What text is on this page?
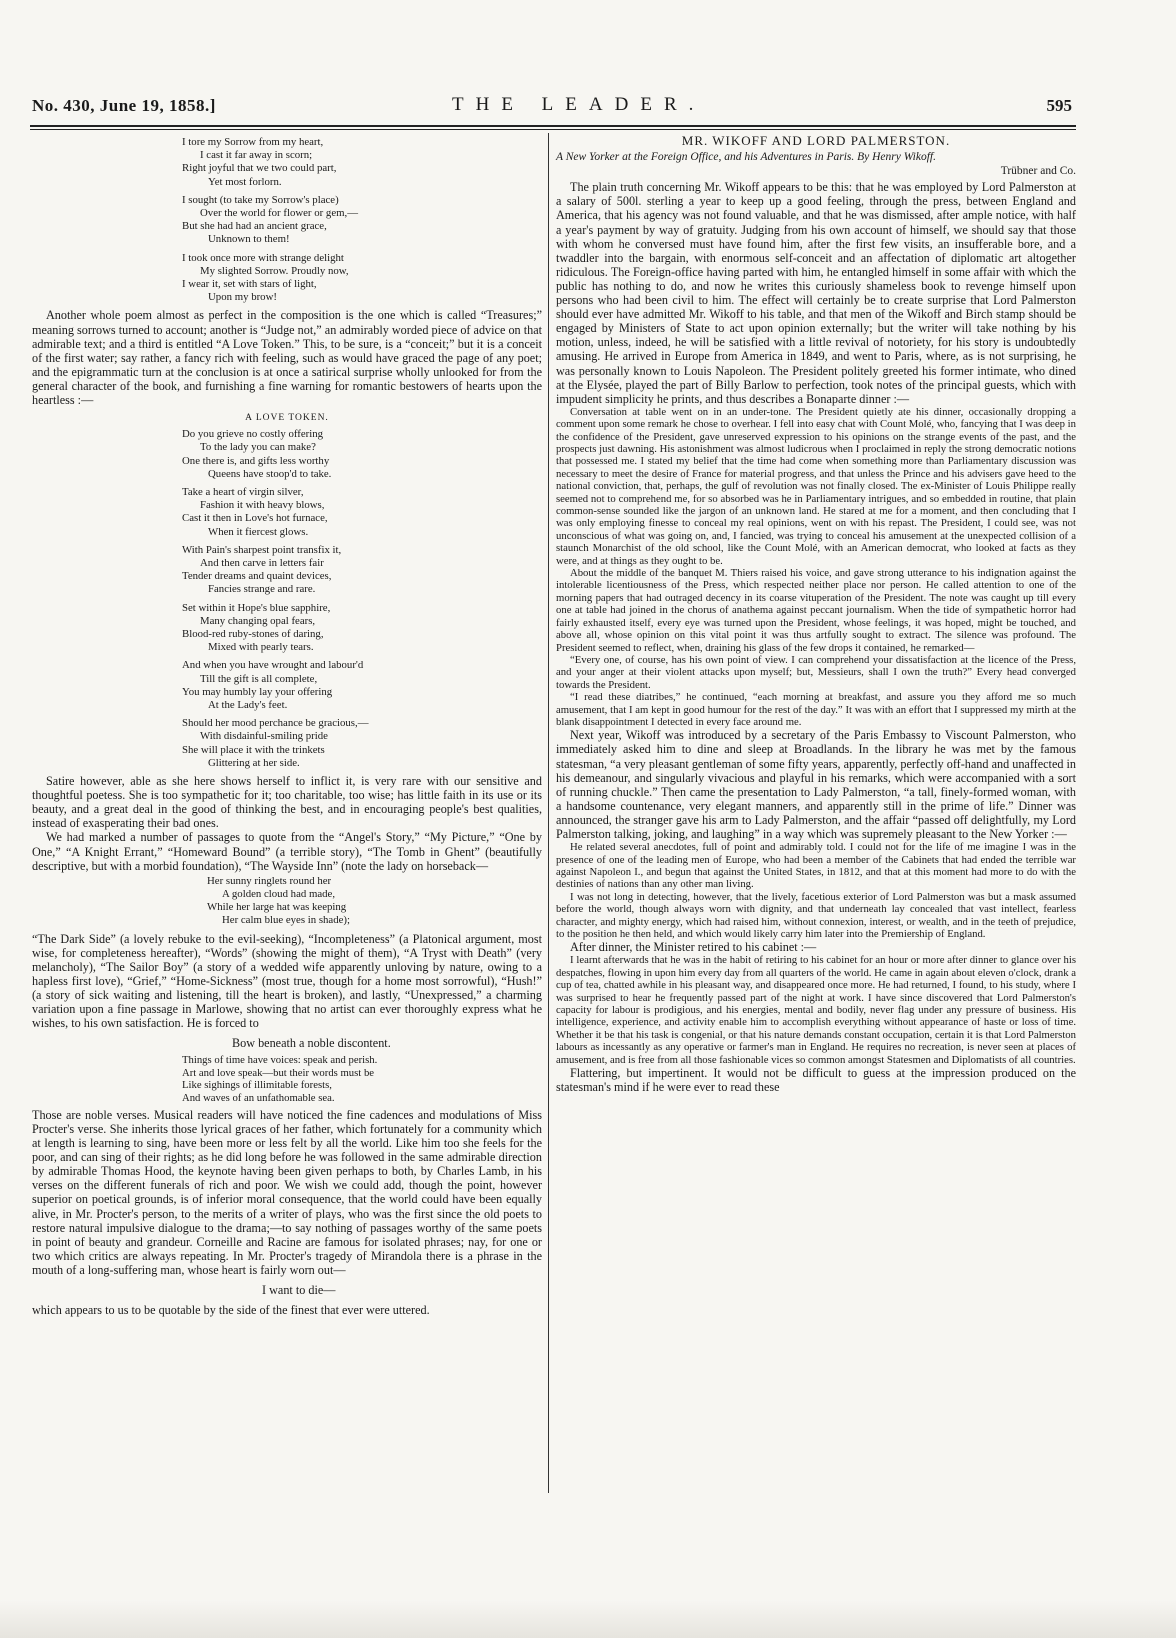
No. 430, June 19, 1858.]	THE LEADER.	595
I tore my Sorrow from my heart,
I cast it far away in scorn;
Right joyful that we two could part,
Yet most forlorn.
I sought (to take my Sorrow's place)
Over the world for flower or gem,—
But she had had an ancient grace,
Unknown to them!
I took once more with strange delight
My slighted Sorrow. Proudly now,
I wear it, set with stars of light,
Upon my brow!

Another whole poem almost as perfect in the composition is the one which is called “Treasures;” meaning sorrows turned to account; another is “Judge not,” an admirably worded piece of advice on that admirable text; and a third is entitled “A Love Token.” This, to be sure, is a “conceit;” but it is a conceit of the first water; say rather, a fancy rich with feeling, such as would have graced the page of any poet; and the epigrammatic turn at the conclusion is at once a satirical surprise wholly unlooked for from the general character of the book, and furnishing a fine warning for romantic bestowers of hearts upon the heartless :—

A LOVE TOKEN.
Do you grieve no costly offering
To the lady you can make?
One there is, and gifts less worthy
Queens have stoop'd to take.
Take a heart of virgin silver,
Fashion it with heavy blows,
Cast it then in Love's hot furnace,
When it fiercest glows.
With Pain's sharpest point transfix it,
And then carve in letters fair
Tender dreams and quaint devices,
Fancies strange and rare.
Set within it Hope's blue sapphire,
Many changing opal fears,
Blood-red ruby-stones of daring,
Mixed with pearly tears.
And when you have wrought and labour'd
Till the gift is all complete,
You may humbly lay your offering
At the Lady's feet.
Should her mood perchance be gracious,—
With disdainful-smiling pride
She will place it with the trinkets
Glittering at her side.

Satire however, able as she here shows herself to inflict it, is very rare with our sensitive and thoughtful poetess. She is too sympathetic for it; too charitable, too wise; has little faith in its use or its beauty, and a great deal in the good of thinking the best, and in encouraging people's best qualities, instead of exasperating their bad ones.

We had marked a number of passages to quote from the “Angel's Story,” “My Picture,” “One by One,” “A Knight Errant,” “Homeward Bound” (a terrible story), “The Tomb in Ghent” (beautifully descriptive, but with a morbid foundation), “The Wayside Inn” (note the lady on horseback—

Her sunny ringlets round her
A golden cloud had made,
While her large hat was keeping
Her calm blue eyes in shade);

“The Dark Side” (a lovely rebuke to the evil-seeking), “Incompleteness” (a Platonical argument, most wise, for completeness hereafter), “Words” (showing the might of them), “A Tryst with Death” (very melancholy), “The Sailor Boy” (a story of a wedded wife apparently unloving by nature, owing to a hapless first love), “Grief,” “Home-Sickness” (most true, though for a home most sorrowful), “Hush!” (a story of sick waiting and listening, till the heart is broken), and lastly, “Unexpressed,” a charming variation upon a fine passage in Marlowe, showing that no artist can ever thoroughly express what he wishes, to his own satisfaction. He is forced to

Bow beneath a noble discontent.

Things of time have voices: speak and perish.
Art and love speak—but their words must be
Like sighings of illimitable forests,
And waves of an unfathomable sea.

Those are noble verses. Musical readers will have noticed the fine cadences and modulations of Miss Procter's verse. She inherits those lyrical graces of her father, which fortunately for a community which at length is learning to sing, have been more or less felt by all the world. Like him too she feels for the poor, and can sing of their rights; as he did long before he was followed in the same admirable direction by admirable Thomas Hood, the keynote having been given perhaps to both, by Charles Lamb, in his verses on the different funerals of rich and poor. We wish we could add, though the point, however superior on poetical grounds, is of inferior moral consequence, that the world could have been equally alive, in Mr. Procter's person, to the merits of a writer of plays, who was the first since the old poets to restore natural impulsive dialogue to the drama;—to say nothing of passages worthy of the same poets in point of beauty and grandeur. Corneille and Racine are famous for isolated phrases; nay, for one or two which critics are always repeating. In Mr. Procter's tragedy of Mirandola there is a phrase in the mouth of a long-suffering man, whose heart is fairly worn out—

I want to die—

which appears to us to be quotable by the side of the finest that ever were uttered.

MR. WIKOFF AND LORD PALMERSTON.

A New Yorker at the Foreign Office, and his Adventures in Paris. By Henry Wikoff.

Trübner and Co.

The plain truth concerning Mr. Wikoff appears to be this: that he was employed by Lord Palmerston at a salary of 500l. sterling a year to keep up a good feeling, through the press, between England and America, that his agency was not found valuable, and that he was dismissed, after ample notice, with half a year's payment by way of gratuity. Judging from his own account of himself, we should say that those with whom he conversed must have found him, after the first few visits, an insufferable bore, and a twaddler into the bargain, with enormous self-conceit and an affectation of diplomatic art altogether ridiculous. The Foreign-office having parted with him, he entangled himself in some affair with which the public has nothing to do, and now he writes this curiously shameless book to revenge himself upon persons who had been civil to him. The effect will certainly be to create surprise that Lord Palmerston should ever have admitted Mr. Wikoff to his table, and that men of the Wikoff and Birch stamp should be engaged by Ministers of State to act upon opinion externally; but the writer will take nothing by his motion, unless, indeed, he will be satisfied with a little revival of notoriety, for his story is undoubtedly amusing. He arrived in Europe from America in 1849, and went to Paris, where, as is not surprising, he was personally known to Louis Napoleon. The President politely greeted his former intimate, who dined at the Elysée, played the part of Billy Barlow to perfection, took notes of the principal guests, which with impudent simplicity he prints, and thus describes a Bonaparte dinner :—

Conversation at table went on in an under-tone. The President quietly ate his dinner, occasionally dropping a comment upon some remark he chose to overhear. I fell into easy chat with Count Molé, who, fancying that I was deep in the confidence of the President, gave unreserved expression to his opinions on the strange events of the past, and the prospects just dawning. His astonishment was almost ludicrous when I proclaimed in reply the strong democratic notions that possessed me. I stated my belief that the time had come when something more than Parliamentary discussion was necessary to meet the desire of France for material progress, and that unless the Prince and his advisers gave heed to the national conviction, that, perhaps, the gulf of revolution was not finally closed. The ex-Minister of Louis Philippe really seemed not to comprehend me, for so absorbed was he in Parliamentary intrigues, and so embedded in routine, that plain common-sense sounded like the jargon of an unknown land. He stared at me for a moment, and then concluding that I was only employing finesse to conceal my real opinions, went on with his repast. The President, I could see, was not unconscious of what was going on, and, I fancied, was trying to conceal his amusement at the unexpected collision of a staunch Monarchist of the old school, like the Count Molé, with an American democrat, who looked at facts as they were, and at things as they ought to be.

About the middle of the banquet M. Thiers raised his voice, and gave strong utterance to his indignation against the intolerable licentiousness of the Press, which respected neither place nor person. He called attention to one of the morning papers that had outraged decency in its coarse vituperation of the President. The note was caught up till every one at table had joined in the chorus of anathema against peccant journalism. When the tide of sympathetic horror had fairly exhausted itself, every eye was turned upon the President, whose feelings, it was hoped, might be touched, and above all, whose opinion on this vital point it was thus artfully sought to extract. The silence was profound. The President seemed to reflect, when, draining his glass of the few drops it contained, he remarked—

“Every one, of course, has his own point of view. I can comprehend your dissatisfaction at the licence of the Press, and your anger at their violent attacks upon myself; but, Messieurs, shall I own the truth?” Every head converged towards the President.

“I read these diatribes,” he continued, “each morning at breakfast, and assure you they afford me so much amusement, that I am kept in good humour for the rest of the day.” It was with an effort that I suppressed my mirth at the blank disappointment I detected in every face around me.

Next year, Wikoff was introduced by a secretary of the Paris Embassy to Viscount Palmerston, who immediately asked him to dine and sleep at Broadlands. In the library he was met by the famous statesman, “a very pleasant gentleman of some fifty years, apparently, perfectly off-hand and unaffected in his demeanour, and singularly vivacious and playful in his remarks, which were accompanied with a sort of running chuckle.” Then came the presentation to Lady Palmerston, “a tall, finely-formed woman, with a handsome countenance, very elegant manners, and apparently still in the prime of life.” Dinner was announced, the stranger gave his arm to Lady Palmerston, and the affair “passed off delightfully, my Lord Palmerston talking, joking, and laughing” in a way which was supremely pleasant to the New Yorker :—

He related several anecdotes, full of point and admirably told. I could not for the life of me imagine I was in the presence of one of the leading men of Europe, who had been a member of the Cabinets that had ended the terrible war against Napoleon I., and begun that against the United States, in 1812, and that at this moment had more to do with the destinies of nations than any other man living.

I was not long in detecting, however, that the lively, facetious exterior of Lord Palmerston was but a mask assumed before the world, though always worn with dignity, and that underneath lay concealed that vast intellect, fearless character, and mighty energy, which had raised him, without connexion, interest, or wealth, and in the teeth of prejudice, to the position he then held, and which would likely carry him later into the Premiership of England.

After dinner, the Minister retired to his cabinet :—

I learnt afterwards that he was in the habit of retiring to his cabinet for an hour or more after dinner to glance over his despatches, flowing in upon him every day from all quarters of the world. He came in again about eleven o'clock, drank a cup of tea, chatted awhile in his pleasant way, and disappeared once more. He had returned, I found, to his study, where I was surprised to hear he frequently passed part of the night at work. I have since discovered that Lord Palmerston's capacity for labour is prodigious, and his energies, mental and bodily, never flag under any pressure of business. His intelligence, experience, and activity enable him to accomplish everything without appearance of haste or loss of time. Whether it be that his task is congenial, or that his nature demands constant occupation, certain it is that Lord Palmerston labours as incessantly as any operative or farmer's man in England. He requires no recreation, is never seen at places of amusement, and is free from all those fashionable vices so common amongst Statesmen and Diplomatists of all countries.

Flattering, but impertinent. It would not be difficult to guess at the impression produced on the statesman's mind if he were ever to read these
